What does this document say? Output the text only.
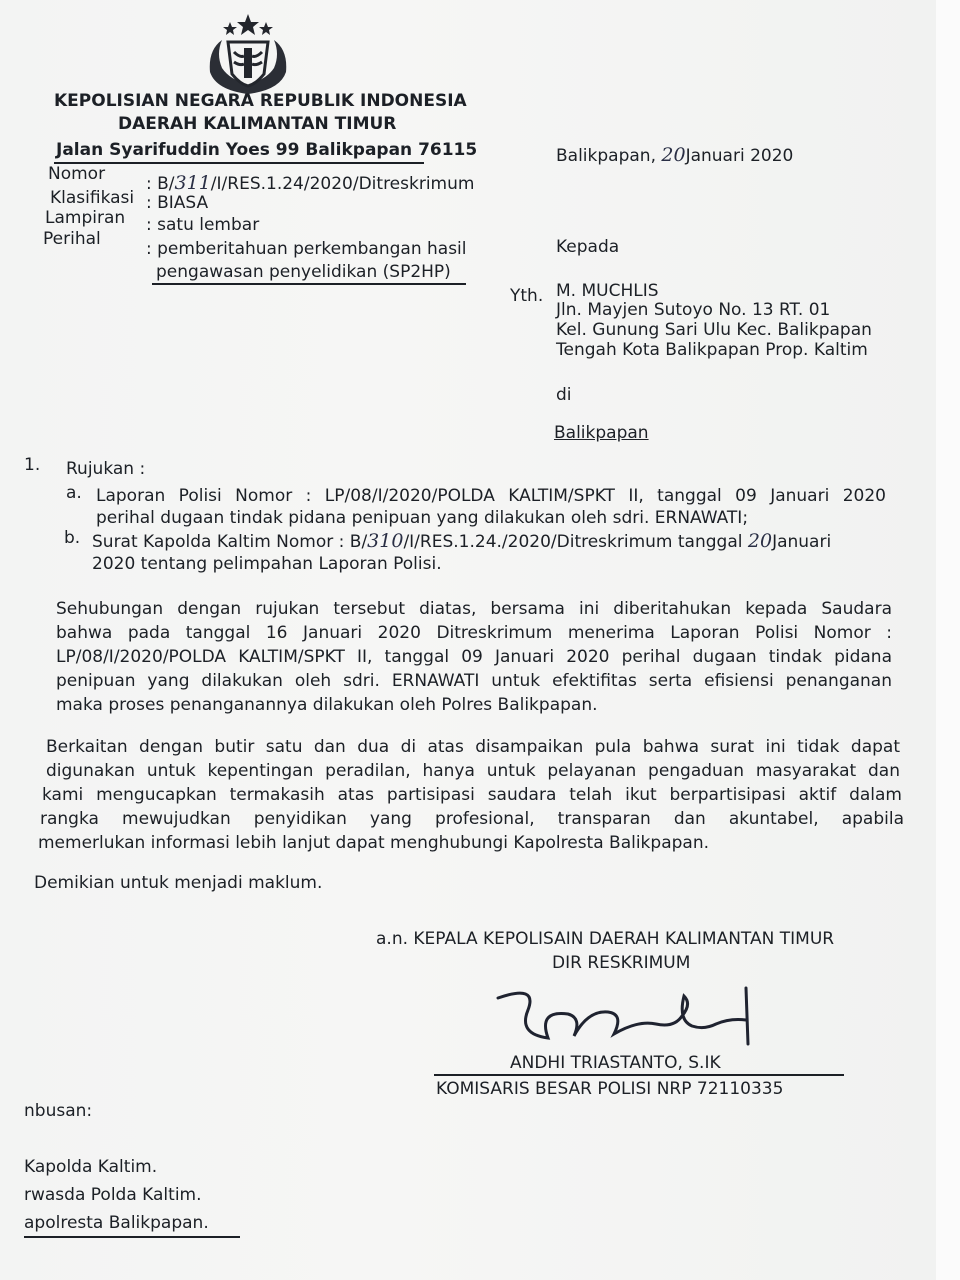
KEPOLISIAN NEGARA REPUBLIK INDONESIA
DAERAH KALIMANTAN TIMUR
Jalan Syarifuddin Yoes 99 Balikpapan 76115	Balikpapan, 20Januari 2020
Nomor : B/311/I/RES.1.24/2020/Ditreskrimum
Klasifikasi : BIASA
Lampiran : satu lembar
Perihal	: pemberitahuan perkembangan hasil
pengawasan penyelidikan (SP2HP)
Kepada
Yth. M. MUCHLIS
Jln. Mayjen Sutoyo No. 13 RT. 01
Kel. Gunung Sari Ulu Kec. Balikpapan
Tengah Kota Balikpapan Prop. Kaltim
di
Balikpapan
1. Rujukan :
a. Laporan Polisi Nomor : LP/08/I/2020/POLDA KALTIM/SPKT II, tanggal 09 Januari 2020
perihal dugaan tindak pidana penipuan yang dilakukan oleh sdri. ERNAWATI;
b. Surat Kapolda Kaltim Nomor : B/310/I/RES.1.24./2020/Ditreskrimum tanggal 20Januari
2020 tentang pelimpahan Laporan Polisi.
Sehubungan dengan rujukan tersebut diatas, bersama ini diberitahukan kepada Saudara
bahwa pada tanggal 16 Januari 2020 Ditreskrimum menerima Laporan Polisi Nomor :
LP/08/I/2020/POLDA KALTIM/SPKT II, tanggal 09 Januari 2020 perihal dugaan tindak pidana
penipuan yang dilakukan oleh sdri. ERNAWATI untuk efektifitas serta efisiensi penanganan
maka proses penanganannya dilakukan oleh Polres Balikpapan.
Berkaitan dengan butir satu dan dua di atas disampaikan pula bahwa surat ini tidak dapat
digunakan untuk kepentingan peradilan, hanya untuk pelayanan pengaduan masyarakat dan
kami mengucapkan termakasih atas partisipasi saudara telah ikut berpartisipasi aktif dalam
rangka mewujudkan penyidikan yang profesional, transparan dan akuntabel, apabila
memerlukan informasi lebih lanjut dapat menghubungi Kapolresta Balikpapan.
Demikian untuk menjadi maklum.
a.n. KEPALA KEPOLISAIN DAERAH KALIMANTAN TIMUR
DIR RESKRIMUM
ANDHI TRIASTANTO, S.IK
KOMISARIS BESAR POLISI NRP 72110335
nbusan:
Kapolda Kaltim.
rwasda Polda Kaltim.
apolresta Balikpapan.
